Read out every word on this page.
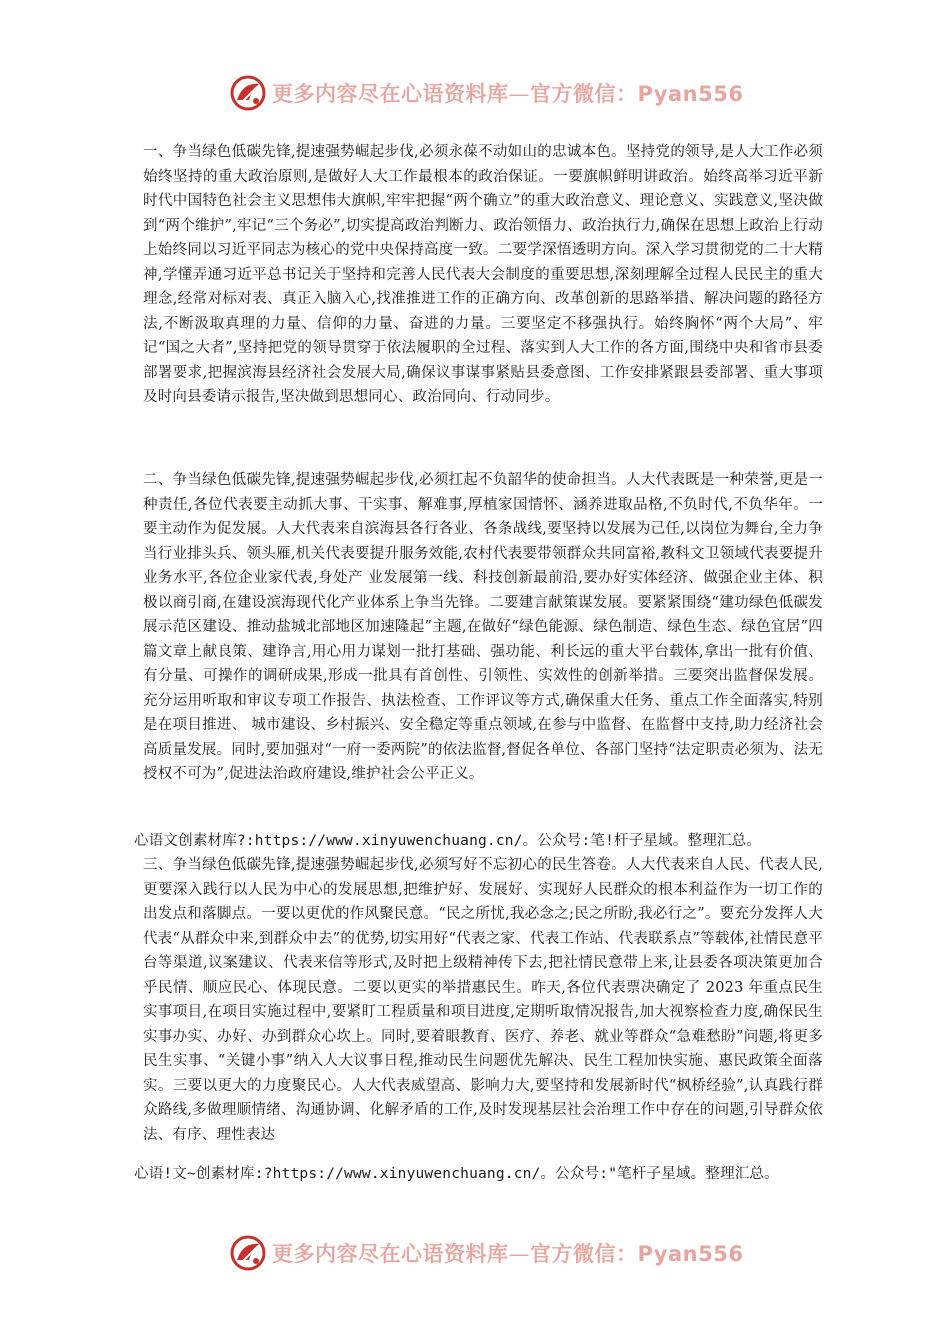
更多内容尽在心语资料库—官方微信：Pyan556

一、争当绿色低碳先锋,提速强势崛起步伐,必须永葆不动如山的忠诚本色。坚持党的领导,是人大工作必须始终坚持的重大政治原则,是做好人大工作最根本的政治保证。一要旗帜鲜明讲政治。始终高举习近平新时代中国特色社会主义思想伟大旗帜,牢牢把握“两个确立”的重大政治意义、理论意义、实践意义,坚决做到“两个维护”,牢记“三个务必”,切实提高政治判断力、政治领悟力、政治执行力,确保在思想上政治上行动上始终同以习近平同志为核心的党中央保持高度一致。二要学深悟透明方向。深入学习贯彻党的二十大精神,学懂弄通习近平总书记关于坚持和完善人民代表大会制度的重要思想,深刻理解全过程人民民主的重大理念,经常对标对表、真正入脑入心,找准推进工作的正确方向、改革创新的思路举措、解决问题的路径方法,不断汲取真理的力量、信仰的力量、奋进的力量。三要坚定不移强执行。始终胸怀“两个大局”、牢记“国之大者”,坚持把党的领导贯穿于依法履职的全过程、落实到人大工作的各方面,围绕中央和省市县委部署要求,把握滨海县经济社会发展大局,确保议事谋事紧贴县委意图、工作安排紧跟县委部署、重大事项及时向县委请示报告,坚决做到思想同心、政治同向、行动同步。

二、争当绿色低碳先锋,提速强势崛起步伐,必须扛起不负韶华的使命担当。人大代表既是一种荣誉,更是一种责任,各位代表要主动抓大事、干实事、解难事,厚植家国情怀、涵养进取品格,不负时代,不负华年。一要主动作为促发展。人大代表来自滨海县各行各业、各条战线,要坚持以发展为己任,以岗位为舞台,全力争当行业排头兵、领头雁,机关代表要提升服务效能,农村代表要带领群众共同富裕,教科文卫领域代表要提升业务水平,各位企业家代表,身处产 业发展第一线、科技创新最前沿,要办好实体经济、做强企业主体、积极以商引商,在建设滨海现代化产业体系上争当先锋。二要建言献策谋发展。要紧紧围绕“建功绿色低碳发展示范区建设、推动盐城北部地区加速隆起”主题,在做好“绿色能源、绿色制造、绿色生态、绿色宜居”四篇文章上献良策、建诤言,用心用力谋划一批打基础、强功能、利长远的重大平台载体,拿出一批有价值、有分量、可操作的调研成果,形成一批具有首创性、引领性、实效性的创新举措。三要突出监督保发展。充分运用听取和审议专项工作报告、执法检查、工作评议等方式,确保重大任务、重点工作全面落实,特别是在项目推进、 城市建设、乡村振兴、安全稳定等重点领域,在参与中监督、在监督中支持,助力经济社会高质量发展。同时,要加强对“一府一委两院”的依法监督,督促各单位、各部门坚持“法定职责必须为、法无授权不可为”,促进法治政府建设,维护社会公平正义。

心语文创素材库?:https://www.xinyuwenchuang.cn/。公众号:笔!杆子星域。整理汇总。

三、争当绿色低碳先锋,提速强势崛起步伐,必须写好不忘初心的民生答卷。人大代表来自人民、代表人民,更要深入践行以人民为中心的发展思想,把维护好、发展好、实现好人民群众的根本利益作为一切工作的出发点和落脚点。一要以更优的作风聚民意。“民之所忧,我必念之;民之所盼,我必行之”。要充分发挥人大代表“从群众中来,到群众中去”的优势,切实用好“代表之家、代表工作站、代表联系点”等载体,社情民意平台等渠道,议案建议、代表来信等形式,及时把上级精神传下去,把社情民意带上来,让县委各项决策更加合乎民情、顺应民心、体现民意。二要以更实的举措惠民生。昨天,各位代表票决确定了 2023 年重点民生实事项目,在项目实施过程中,要紧盯工程质量和项目进度,定期听取情况报告,加大视察检查力度,确保民生实事办实、办好、办到群众心坎上。同时,要着眼教育、医疗、养老、就业等群众“急难愁盼”问题,将更多民生实事、“关键小事”纳入人大议事日程,推动民生问题优先解决、民生工程加快实施、惠民政策全面落实。三要以更大的力度聚民心。人大代表威望高、影响力大,要坚持和发展新时代“枫桥经验”,认真践行群众路线,多做理顺情绪、沟通协调、化解矛盾的工作,及时发现基层社会治理工作中存在的问题,引导群众依法、有序、理性表达

心语!文~创素材库:?https://www.xinyuwenchuang.cn/。公众号:"笔杆子星域。整理汇总。

更多内容尽在心语资料库—官方微信：Pyan556
